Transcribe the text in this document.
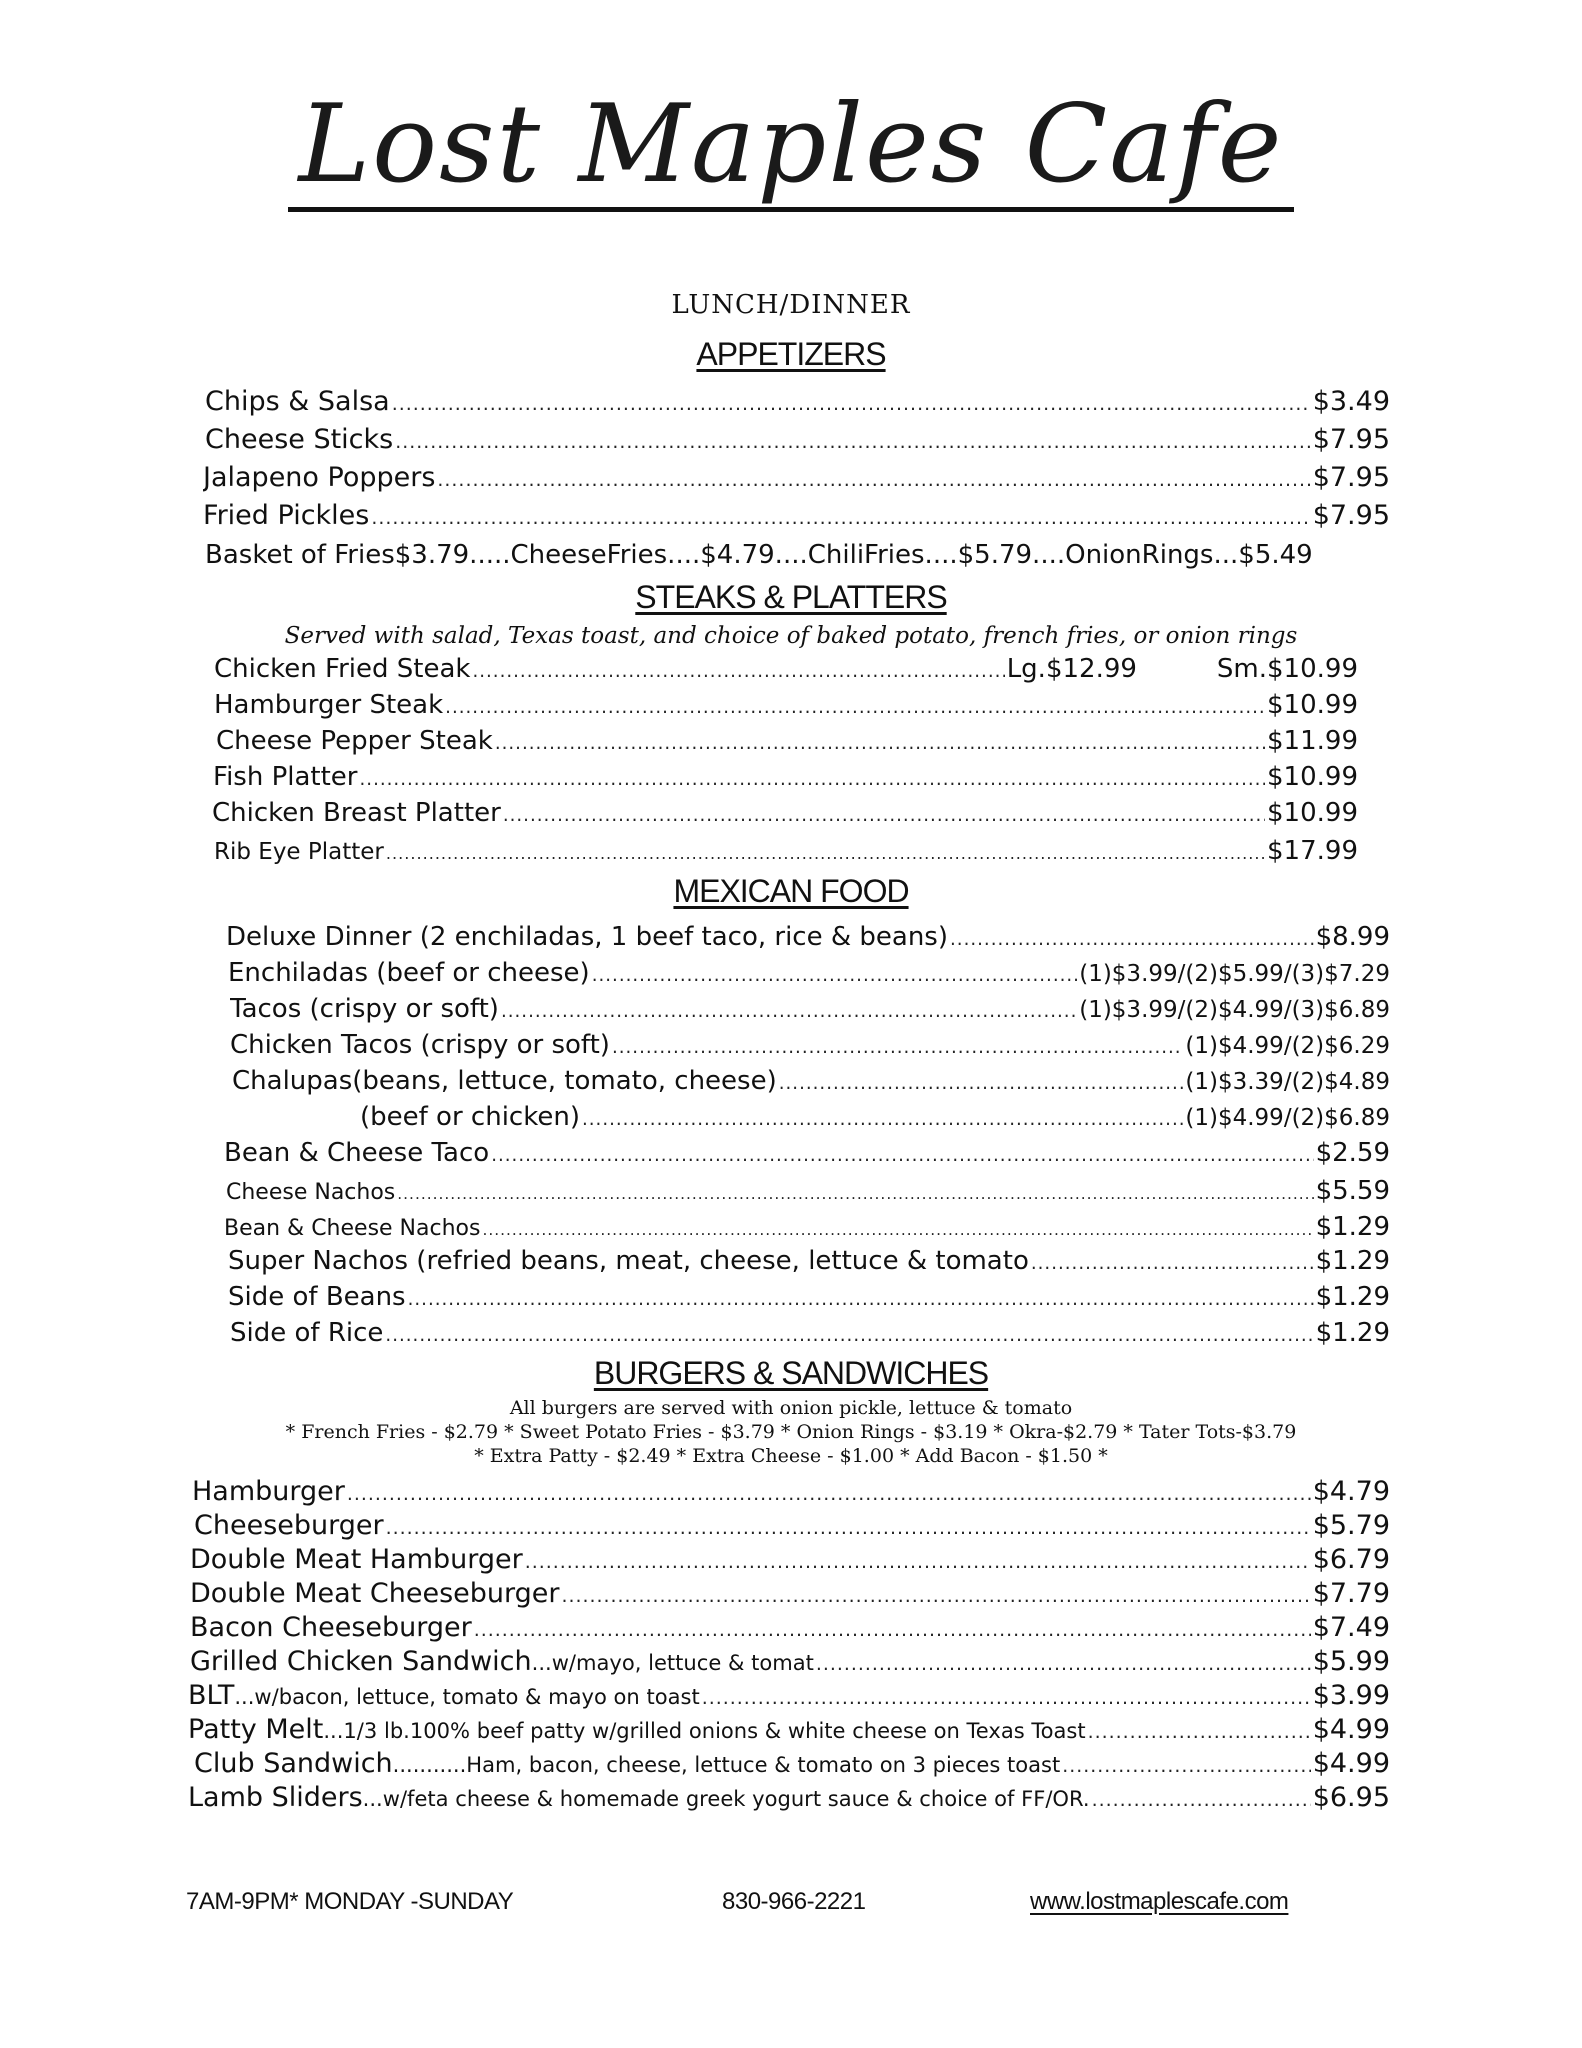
Lost Maples Cafe
LUNCH/DINNER
APPETIZERS
Chips & Salsa .....	$3.49
Cheese Sticks .....	$7.95
Jalapeno Poppers .....	$7.95
Fried Pickles .....	$7.95
Basket of Fries$3.79.....CheeseFries....$4.79....ChiliFries....$5.79....OnionRings...$5.49
STEAKS & PLATTERS
Served with salad, Texas toast, and choice of baked potato, french fries, or onion rings
Chicken Fried Steak .....	Lg.$12.99	Sm.$10.99
Hamburger Steak .....	$10.99
Cheese Pepper Steak .....	$11.99
Fish Platter .....	$10.99
Chicken Breast Platter .....	$10.99
Rib Eye Platter .....	$17.99
MEXICAN FOOD
Deluxe Dinner (2 enchiladas, 1 beef taco, rice & beans) .....	$8.99
Enchiladas (beef or cheese) .....	(1)$3.99/(2)$5.99/(3)$7.29
Tacos (crispy or soft) .....	(1)$3.99/(2)$4.99/(3)$6.89
Chicken Tacos (crispy or soft) .....	(1)$4.99/(2)$6.29
Chalupas(beans, lettuce, tomato, cheese) .....	(1)$3.39/(2)$4.89
(beef or chicken) .....	(1)$4.99/(2)$6.89
Bean & Cheese Taco .....	$2.59
Cheese Nachos .....	$5.59
Bean & Cheese Nachos .....	$1.29
Super Nachos (refried beans, meat, cheese, lettuce & tomato .....	$1.29
Side of Beans .....	$1.29
Side of Rice .....	$1.29
BURGERS & SANDWICHES
All burgers are served with onion pickle, lettuce & tomato
* French Fries - $2.79 * Sweet Potato Fries - $3.79 * Onion Rings - $3.19 * Okra-$2.79 * Tater Tots-$3.79
* Extra Patty - $2.49 * Extra Cheese - $1.00 * Add Bacon - $1.50 *
Hamburger .....	$4.79
Cheeseburger .....	$5.79
Double Meat Hamburger .....	$6.79
Double Meat Cheeseburger .....	$7.79
Bacon Cheeseburger .....	$7.49
Grilled Chicken Sandwich ...w/mayo, lettuce & tomat .....	$5.99
BLT ...w/bacon, lettuce, tomato & mayo on toast .....	$3.99
Patty Melt ...1/3 lb.100% beef patty w/grilled onions & white cheese on Texas Toast .....	$4.99
Club Sandwich ...........Ham, bacon, cheese, lettuce & tomato on 3 pieces toast .....	$4.99
Lamb Sliders ...w/feta cheese & homemade greek yogurt sauce & choice of FF/OR. .....	$6.95
7AM-9PM* MONDAY -SUNDAY	830-966-2221	www.lostmaplescafe.com
